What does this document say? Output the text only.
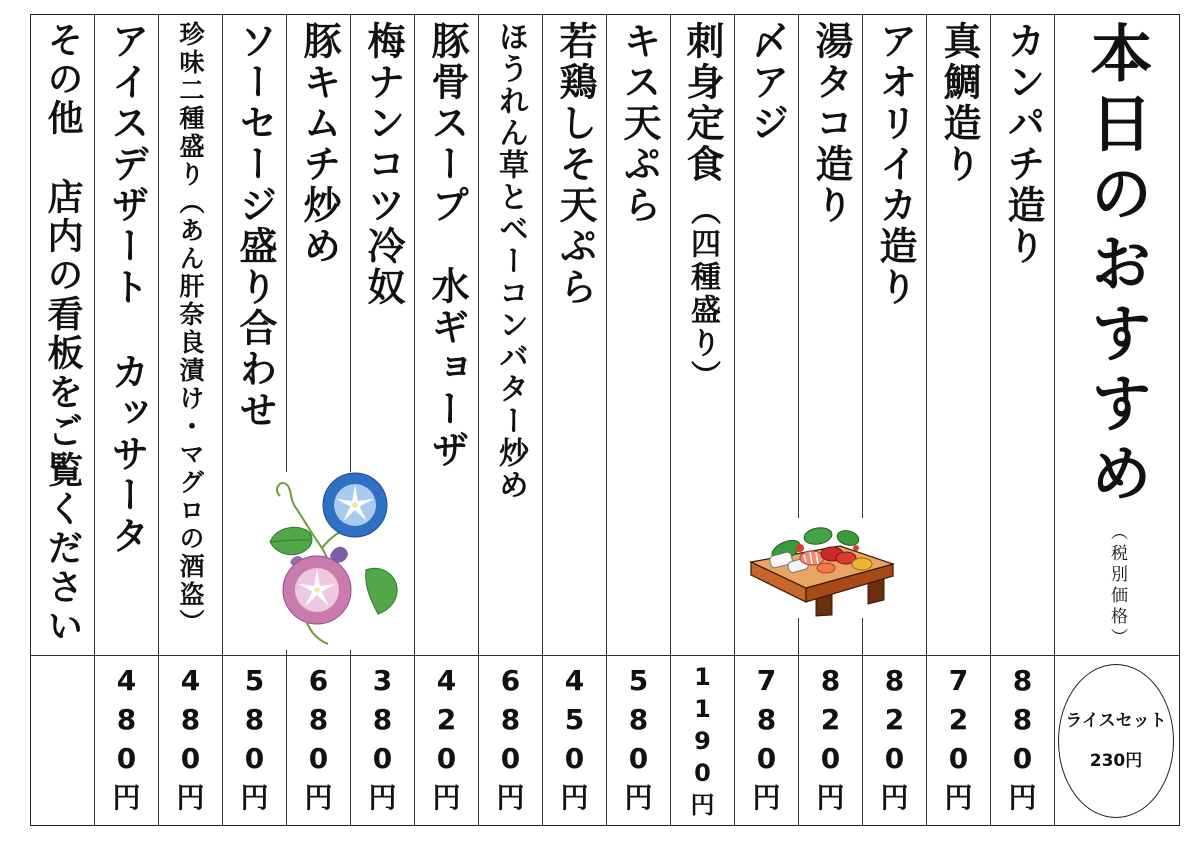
その他店内の看板をご覧ください
アイスデザートカッサータ
480円
珍味二種盛り（あん肝奈良漬け・マグロの酒盗）
480円
ソーセージ盛り合わせ
580円
豚キムチ炒め
680円
梅ナンコツ冷奴
380円
豚骨スープ水ギョーザ
420円
ほうれん草とベーコンバター炒め
680円
若鶏しそ天ぷら
450円
キス天ぷら
580円
刺身定食（四種盛り）
1190円
〆アジ
780円
湯タコ造り
820円
アオリイカ造り
820円
真鯛造り
720円
カンパチ造り
880円
本日のおすすめ
（税別価格）
ライスセット
230円
